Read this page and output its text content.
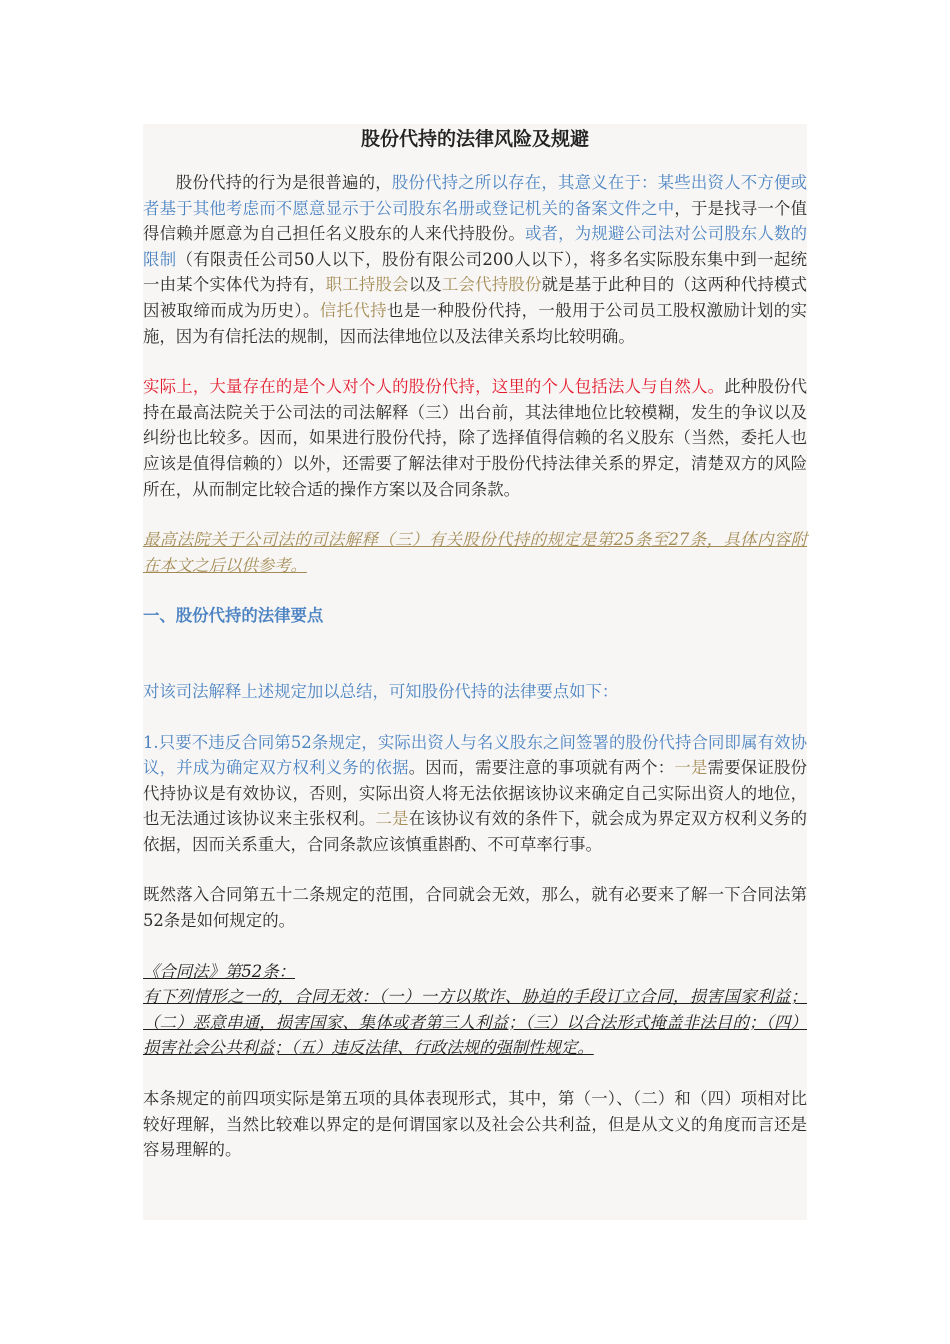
股份代持的法律风险及规避

股份代持的行为是很普遍的，股份代持之所以存在，其意义在于：某些出资人不方便或者基于其他考虑而不愿意显示于公司股东名册或登记机关的备案文件之中，于是找寻一个值得信赖并愿意为自己担任名义股东的人来代持股份。或者，为规避公司法对公司股东人数的限制（有限责任公司50人以下，股份有限公司200人以下），将多名实际股东集中到一起统一由某个实体代为持有，职工持股会以及工会代持股份就是基于此种目的（这两种代持模式因被取缔而成为历史）。信托代持也是一种股份代持，一般用于公司员工股权激励计划的实施，因为有信托法的规制，因而法律地位以及法律关系均比较明确。

实际上，大量存在的是个人对个人的股份代持，这里的个人包括法人与自然人。此种股份代持在最高法院关于公司法的司法解释（三）出台前，其法律地位比较模糊，发生的争议以及纠纷也比较多。因而，如果进行股份代持，除了选择值得信赖的名义股东（当然，委托人也应该是值得信赖的）以外，还需要了解法律对于股份代持法律关系的界定，清楚双方的风险所在，从而制定比较合适的操作方案以及合同条款。

最高法院关于公司法的司法解释（三）有关股份代持的规定是第25条至27条，具体内容附在本文之后以供参考。

一、股份代持的法律要点

对该司法解释上述规定加以总结，可知股份代持的法律要点如下：

1.只要不违反合同第52条规定，实际出资人与名义股东之间签署的股份代持合同即属有效协议，并成为确定双方权利义务的依据。因而，需要注意的事项就有两个：一是需要保证股份代持协议是有效协议，否则，实际出资人将无法依据该协议来确定自己实际出资人的地位，也无法通过该协议来主张权利。二是在该协议有效的条件下，就会成为界定双方权利义务的依据，因而关系重大，合同条款应该慎重斟酌、不可草率行事。

既然落入合同第五十二条规定的范围，合同就会无效，那么，就有必要来了解一下合同法第52条是如何规定的。

《合同法》第52条：
有下列情形之一的，合同无效：（一）一方以欺诈、胁迫的手段订立合同，损害国家利益；（二）恶意串通，损害国家、集体或者第三人利益；（三）以合法形式掩盖非法目的；（四）损害社会公共利益；（五）违反法律、行政法规的强制性规定。

本条规定的前四项实际是第五项的具体表现形式，其中，第（一）、（二）和（四）项相对比较好理解，当然比较难以界定的是何谓国家以及社会公共利益，但是从文义的角度而言还是容易理解的。
